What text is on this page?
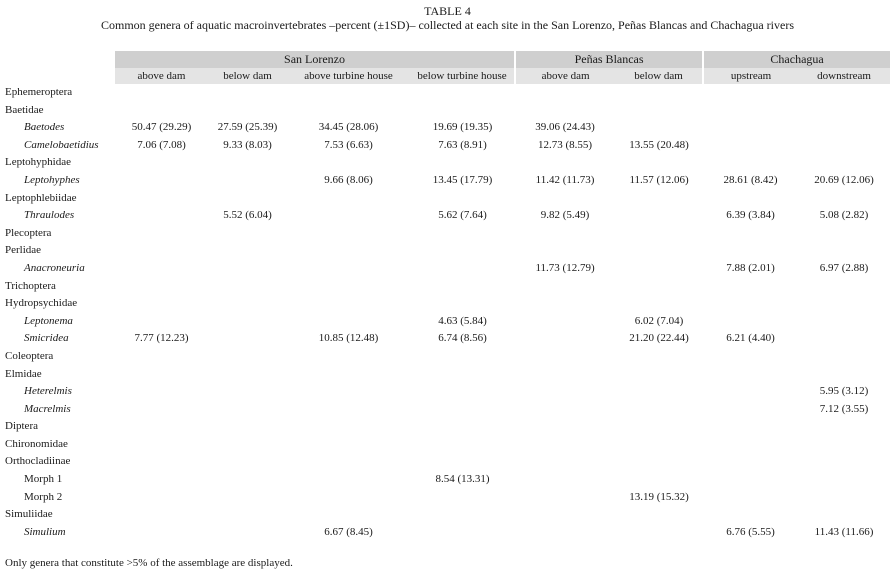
TABLE 4
Common genera of aquatic macroinvertebrates –percent (±1SD)– collected at each site in the San Lorenzo, Peñas Blancas and Chachagua rivers
	San Lorenzo				Peñas Blancas		Chachagua	
	above dam	below dam	above turbine house	below turbine house	above dam	below dam	upstream	downstream
Ephemeroptera								
Baetidae								
Baetodes	50.47 (29.29)	27.59 (25.39)	34.45 (28.06)	19.69 (19.35)	39.06 (24.43)			
Camelobaetidius	7.06 (7.08)	9.33 (8.03)	7.53 (6.63)	7.63 (8.91)	12.73 (8.55)	13.55 (20.48)		
Leptohyphidae								
Leptohyphes			9.66 (8.06)	13.45 (17.79)	11.42 (11.73)	11.57 (12.06)	28.61 (8.42)	20.69 (12.06)
Leptophlebiidae								
Thraulodes		5.52 (6.04)		5.62 (7.64)	9.82 (5.49)		6.39 (3.84)	5.08 (2.82)
Plecoptera								
Perlidae								
Anacroneuria					11.73 (12.79)		7.88 (2.01)	6.97 (2.88)
Trichoptera								
Hydropsychidae								
Leptonema				4.63 (5.84)		6.02 (7.04)		
Smicridea	7.77 (12.23)		10.85 (12.48)	6.74 (8.56)		21.20 (22.44)	6.21 (4.40)	
Coleoptera								
Elmidae								
Heterelmis								5.95 (3.12)
Macrelmis								7.12 (3.55)
Diptera								
Chironomidae								
Orthocladiinae								
Morph 1				8.54 (13.31)				
Morph 2						13.19 (15.32)		
Simuliidae								
Simulium			6.67 (8.45)				6.76 (5.55)	11.43 (11.66)
Only genera that constitute >5% of the assemblage are displayed.
